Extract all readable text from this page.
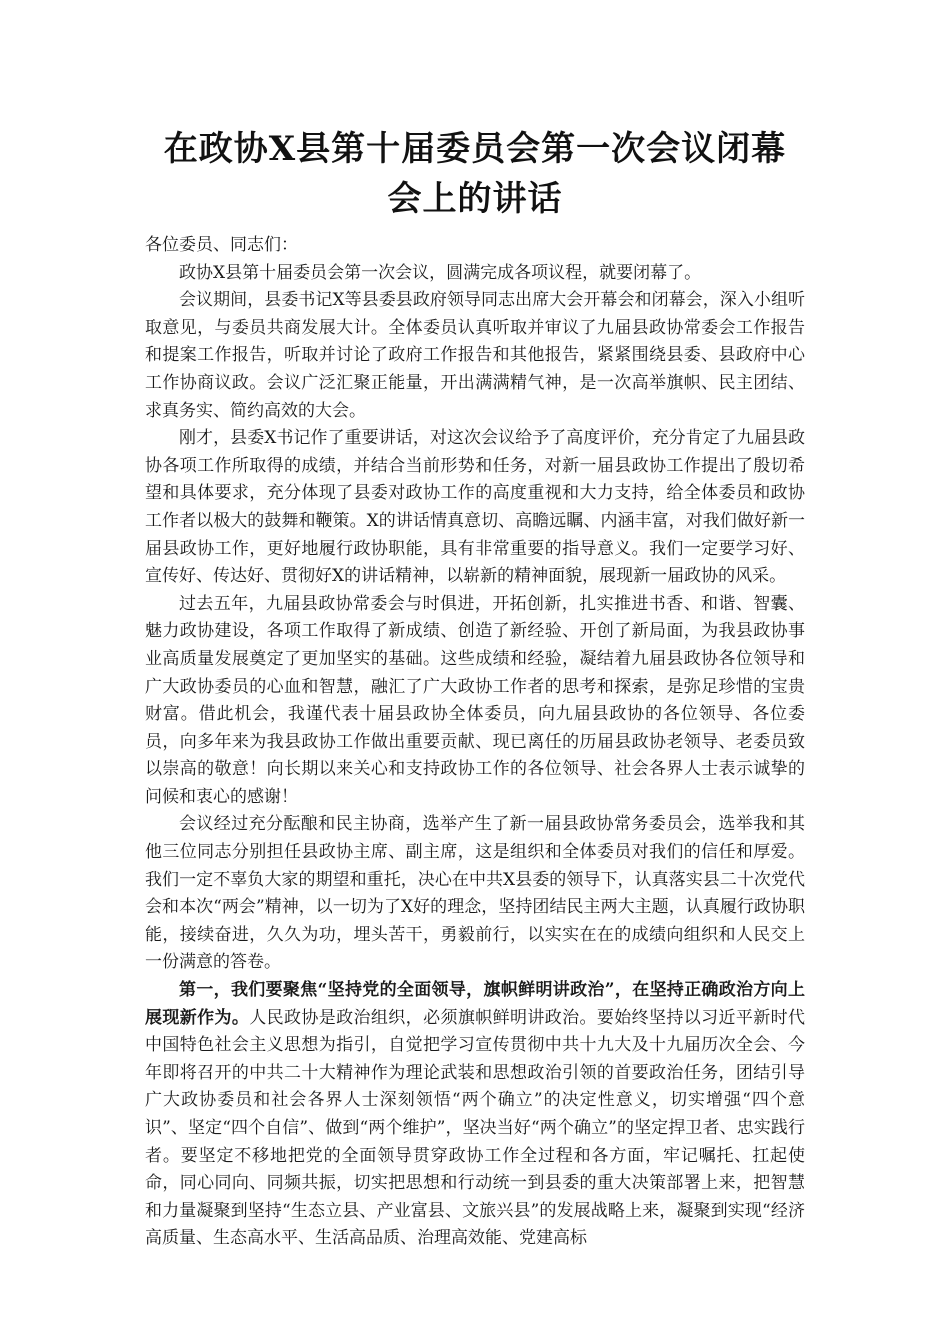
在政协X县第十届委员会第一次会议闭幕
会上的讲话

各位委员、同志们：

政协X县第十届委员会第一次会议，圆满完成各项议程，就要闭幕了。

会议期间，县委书记X等县委县政府领导同志出席大会开幕会和闭幕会，深入小组听取意见，与委员共商发展大计。全体委员认真听取并审议了九届县政协常委会工作报告和提案工作报告，听取并讨论了政府工作报告和其他报告，紧紧围绕县委、县政府中心工作协商议政。会议广泛汇聚正能量，开出满满精气神，是一次高举旗帜、民主团结、求真务实、简约高效的大会。

刚才，县委X书记作了重要讲话，对这次会议给予了高度评价，充分肯定了九届县政协各项工作所取得的成绩，并结合当前形势和任务，对新一届县政协工作提出了殷切希望和具体要求，充分体现了县委对政协工作的高度重视和大力支持，给全体委员和政协工作者以极大的鼓舞和鞭策。X的讲话情真意切、高瞻远瞩、内涵丰富，对我们做好新一届县政协工作，更好地履行政协职能，具有非常重要的指导意义。我们一定要学习好、宣传好、传达好、贯彻好X的讲话精神，以崭新的精神面貌，展现新一届政协的风采。

过去五年，九届县政协常委会与时俱进，开拓创新，扎实推进书香、和谐、智囊、魅力政协建设，各项工作取得了新成绩、创造了新经验、开创了新局面，为我县政协事业高质量发展奠定了更加坚实的基础。这些成绩和经验，凝结着九届县政协各位领导和广大政协委员的心血和智慧，融汇了广大政协工作者的思考和探索，是弥足珍惜的宝贵财富。借此机会，我谨代表十届县政协全体委员，向九届县政协的各位领导、各位委员，向多年来为我县政协工作做出重要贡献、现已离任的历届县政协老领导、老委员致以崇高的敬意！向长期以来关心和支持政协工作的各位领导、社会各界人士表示诚挚的问候和衷心的感谢！

会议经过充分酝酿和民主协商，选举产生了新一届县政协常务委员会，选举我和其他三位同志分别担任县政协主席、副主席，这是组织和全体委员对我们的信任和厚爱。我们一定不辜负大家的期望和重托，决心在中共X县委的领导下，认真落实县二十次党代会和本次“两会”精神，以一切为了X好的理念，坚持团结民主两大主题，认真履行政协职能，接续奋进，久久为功，埋头苦干，勇毅前行，以实实在在的成绩向组织和人民交上一份满意的答卷。

第一，我们要聚焦“坚持党的全面领导，旗帜鲜明讲政治”，在坚持正确政治方向上展现新作为。人民政协是政治组织，必须旗帜鲜明讲政治。要始终坚持以习近平新时代中国特色社会主义思想为指引，自觉把学习宣传贯彻中共十九大及十九届历次全会、今年即将召开的中共二十大精神作为理论武装和思想政治引领的首要政治任务，团结引导广大政协委员和社会各界人士深刻领悟“两个确立”的决定性意义，切实增强“四个意识”、坚定“四个自信”、做到“两个维护”，坚决当好“两个确立”的坚定捍卫者、忠实践行者。要坚定不移地把党的全面领导贯穿政协工作全过程和各方面，牢记嘱托、扛起使命，同心同向、同频共振，切实把思想和行动统一到县委的重大决策部署上来，把智慧和力量凝聚到坚持“生态立县、产业富县、文旅兴县”的发展战略上来，凝聚到实现“经济高质量、生态高水平、生活高品质、治理高效能、党建高标
